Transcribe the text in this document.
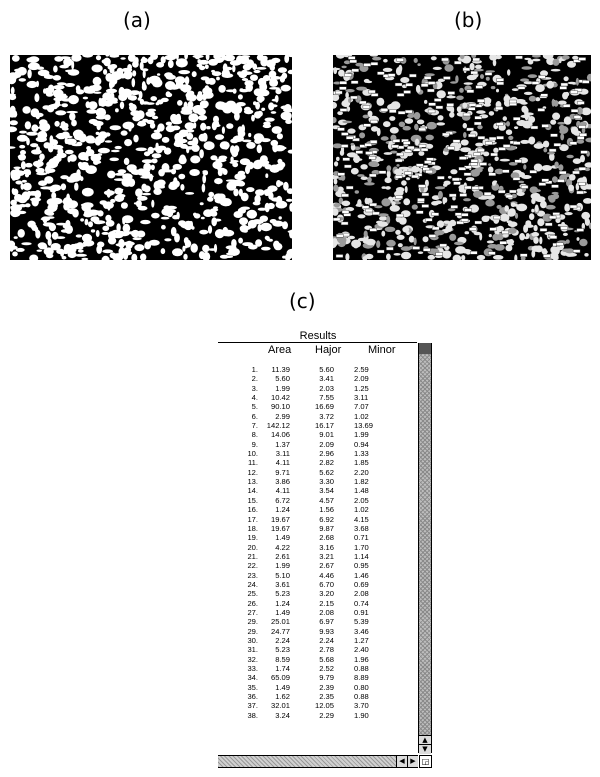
(a)	(b)
(c)
Results
Area Hajor Minor
1.	11.39	5.60	2.59
2.	5.60	3.41	2.09
3.	1.99	2.03	1.25
4.	10.42	7.55	3.11
5.	90.10	16.69	7.07
6.	2.99	3.72	1.02
7.	142.12	16.17	13.69
8.	14.06	9.01	1.99
9.	1.37	2.09	0.94
10.	3.11	2.96	1.33
11.	4.11	2.82	1.85
12.	9.71	5.62	2.20
13.	3.86	3.30	1.82
14.	4.11	3.54	1.48
15.	6.72	4.57	2.05
16.	1.24	1.56	1.02
17.	19.67	6.92	4.15
18.	19.67	9.87	3.68
19.	1.49	2.68	0.71
20.	4.22	3.16	1.70
21.	2.61	3.21	1.14
22.	1.99	2.67	0.95
23.	5.10	4.46	1.46
24.	3.61	6.70	0.69
25.	5.23	3.20	2.08
26.	1.24	2.15	0.74
27.	1.49	2.08	0.91
29.	25.01	6.97	5.39
29.	24.77	9.93	3.46
30.	2.24	2.24	1.27
31.	5.23	2.78	2.40
32.	8.59	5.68	1.96
33.	1.74	2.52	0.88
34.	65.09	9.79	8.89
35.	1.49	2.39	0.80
36.	1.62	2.35	0.88
37.	32.01	12.05	3.70
38.	3.24	2.29	1.90
▲
▼
◀ ▶ ◲
